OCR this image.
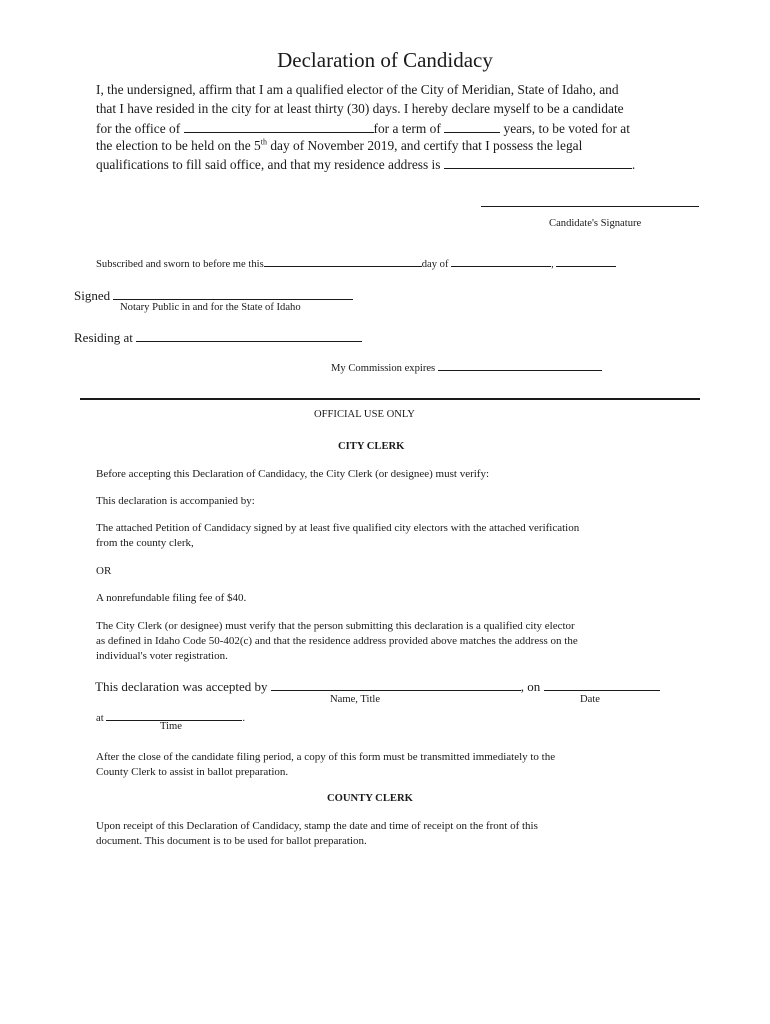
Declaration of Candidacy
I, the undersigned, affirm that I am a qualified elector of the City of Meridian, State of Idaho, and
that I have resided in the city for at least thirty (30) days. I hereby declare myself to be a candidate
for the office of	for a term of	years, to be voted for at
the election to be held on the 5th day of November 2019, and certify that I possess the legal
qualifications to fill said office, and that my residence address is	.
Candidate's Signature
Subscribed and sworn to before me this	day of	,
Signed
Notary Public in and for the State of Idaho
Residing at
My Commission expires
OFFICIAL USE ONLY
CITY CLERK
Before accepting this Declaration of Candidacy, the City Clerk (or designee) must verify:
This declaration is accompanied by:
The attached Petition of Candidacy signed by at least five qualified city electors with the attached verification
from the county clerk,
OR
A nonrefundable filing fee of $40.
The City Clerk (or designee) must verify that the person submitting this declaration is a qualified city elector
as defined in Idaho Code 50-402(c) and that the residence address provided above matches the address on the
individual's voter registration.
This declaration was accepted by	, on
Name, Title	Date
at	.
Time
After the close of the candidate filing period, a copy of this form must be transmitted immediately to the
County Clerk to assist in ballot preparation.
COUNTY CLERK
Upon receipt of this Declaration of Candidacy, stamp the date and time of receipt on the front of this
document. This document is to be used for ballot preparation.
